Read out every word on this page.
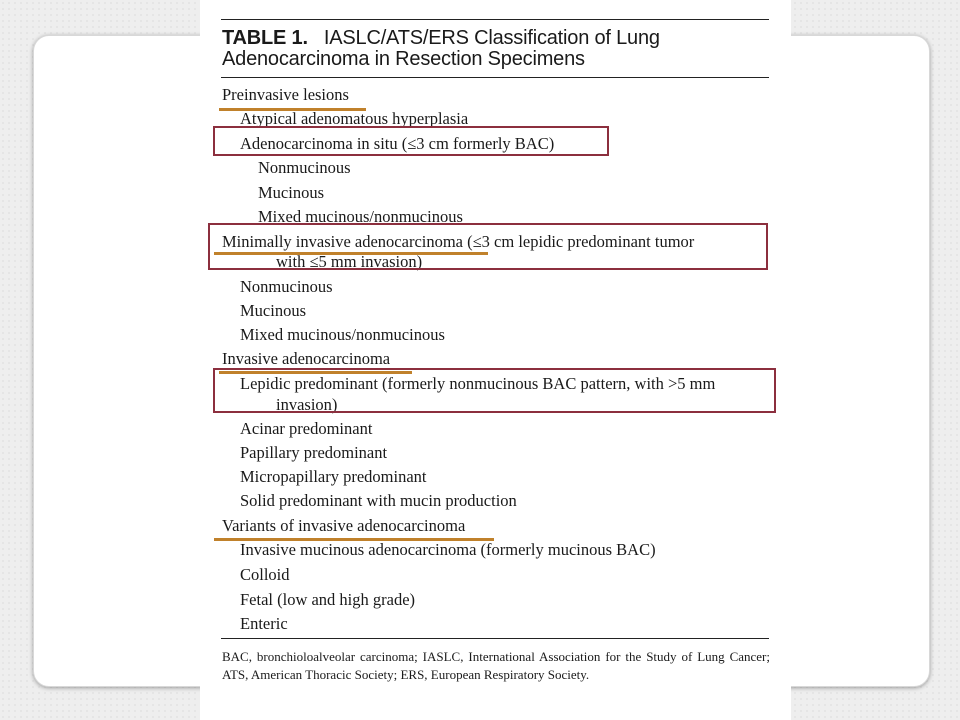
TABLE 1. IASLC/ATS/ERS Classification of Lung Adenocarcinoma in Resection Specimens
Preinvasive lesions
Atypical adenomatous hyperplasia
Adenocarcinoma in situ (≤3 cm formerly BAC)
Nonmucinous
Mucinous
Mixed mucinous/nonmucinous
Minimally invasive adenocarcinoma (≤3 cm lepidic predominant tumor
with ≤5 mm invasion)
Nonmucinous
Mucinous
Mixed mucinous/nonmucinous
Invasive adenocarcinoma
Lepidic predominant (formerly nonmucinous BAC pattern, with >5 mm
invasion)
Acinar predominant
Papillary predominant
Micropapillary predominant
Solid predominant with mucin production
Variants of invasive adenocarcinoma
Invasive mucinous adenocarcinoma (formerly mucinous BAC)
Colloid
Fetal (low and high grade)
Enteric
BAC, bronchioloalveolar carcinoma; IASLC, International Association for the Study of Lung Cancer; ATS, American Thoracic Society; ERS, European Respiratory Society.
